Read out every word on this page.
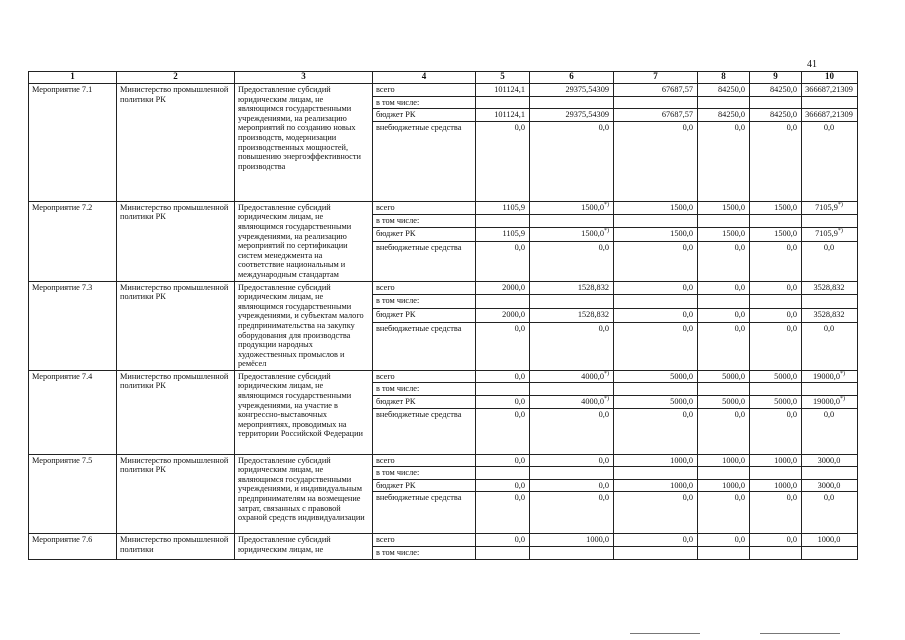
41
1	2	3	4	5	6	7	8	9	10
Мероприятие 7.1	Министерство промышленной политики РК	Предоставление субсидий юридическим лицам, не являющимся государственными учреждениями, на реализацию мероприятий по созданию новых производств, модернизации производственных мощностей, повышению энергоэффективности производства	всего	101124,1	29375,54309	67687,57	84250,0	84250,0	366687,21309
			в том числе:						
			бюджет РК	101124,1	29375,54309	67687,57	84250,0	84250,0	366687,21309
			внебюджетные средства	0,0	0,0	0,0	0,0	0,0	0,0
Мероприятие 7.2	Министерство промышленной политики РК	Предоставление субсидий юридическим лицам, не являющимся государственными учреждениями, на реализацию мероприятий по сертификации систем менеджмента на соответствие национальным и международным стандартам	всего	1105,9	1500,0*)	1500,0	1500,0	1500,0	7105,9*)
			в том числе:						
			бюджет РК	1105,9	1500,0*)	1500,0	1500,0	1500,0	7105,9*)
			внебюджетные средства	0,0	0,0	0,0	0,0	0,0	0,0
Мероприятие 7.3	Министерство промышленной политики РК	Предоставление субсидий юридическим лицам, не являющимся государственными учреждениями, и субъектам малого предпринимательства на закупку оборудования для производства продукции народных художественных промыслов и ремёсел	всего	2000,0	1528,832	0,0	0,0	0,0	3528,832
			в том числе:						
			бюджет РК	2000,0	1528,832	0,0	0,0	0,0	3528,832
			внебюджетные средства	0,0	0,0	0,0	0,0	0,0	0,0
Мероприятие 7.4	Министерство промышленной политики РК	Предоставление субсидий юридическим лицам, не являющимся государственными учреждениями, на участие в конгрессно-выставочных мероприятиях, проводимых на территории Российской Федерации	всего	0,0	4000,0*)	5000,0	5000,0	5000,0	19000,0*)
			в том числе:						
			бюджет РК	0,0	4000,0*)	5000,0	5000,0	5000,0	19000,0*)
			внебюджетные средства	0,0	0,0	0,0	0,0	0,0	0,0
Мероприятие 7.5	Министерство промышленной политики РК	Предоставление субсидий юридическим лицам, не являющимся государственными учреждениями, и индивидуальным предпринимателям на возмещение затрат, связанных с правовой охраной средств индивидуализации	всего	0,0	0,0	1000,0	1000,0	1000,0	3000,0
			в том числе:						
			бюджет РК	0,0	0,0	1000,0	1000,0	1000,0	3000,0
			внебюджетные средства	0,0	0,0	0,0	0,0	0,0	0,0
Мероприятие 7.6	Министерство промышленной политики	Предоставление субсидий юридическим лицам, не	всего	0,0	1000,0	0,0	0,0	0,0	1000,0
			в том числе:						
